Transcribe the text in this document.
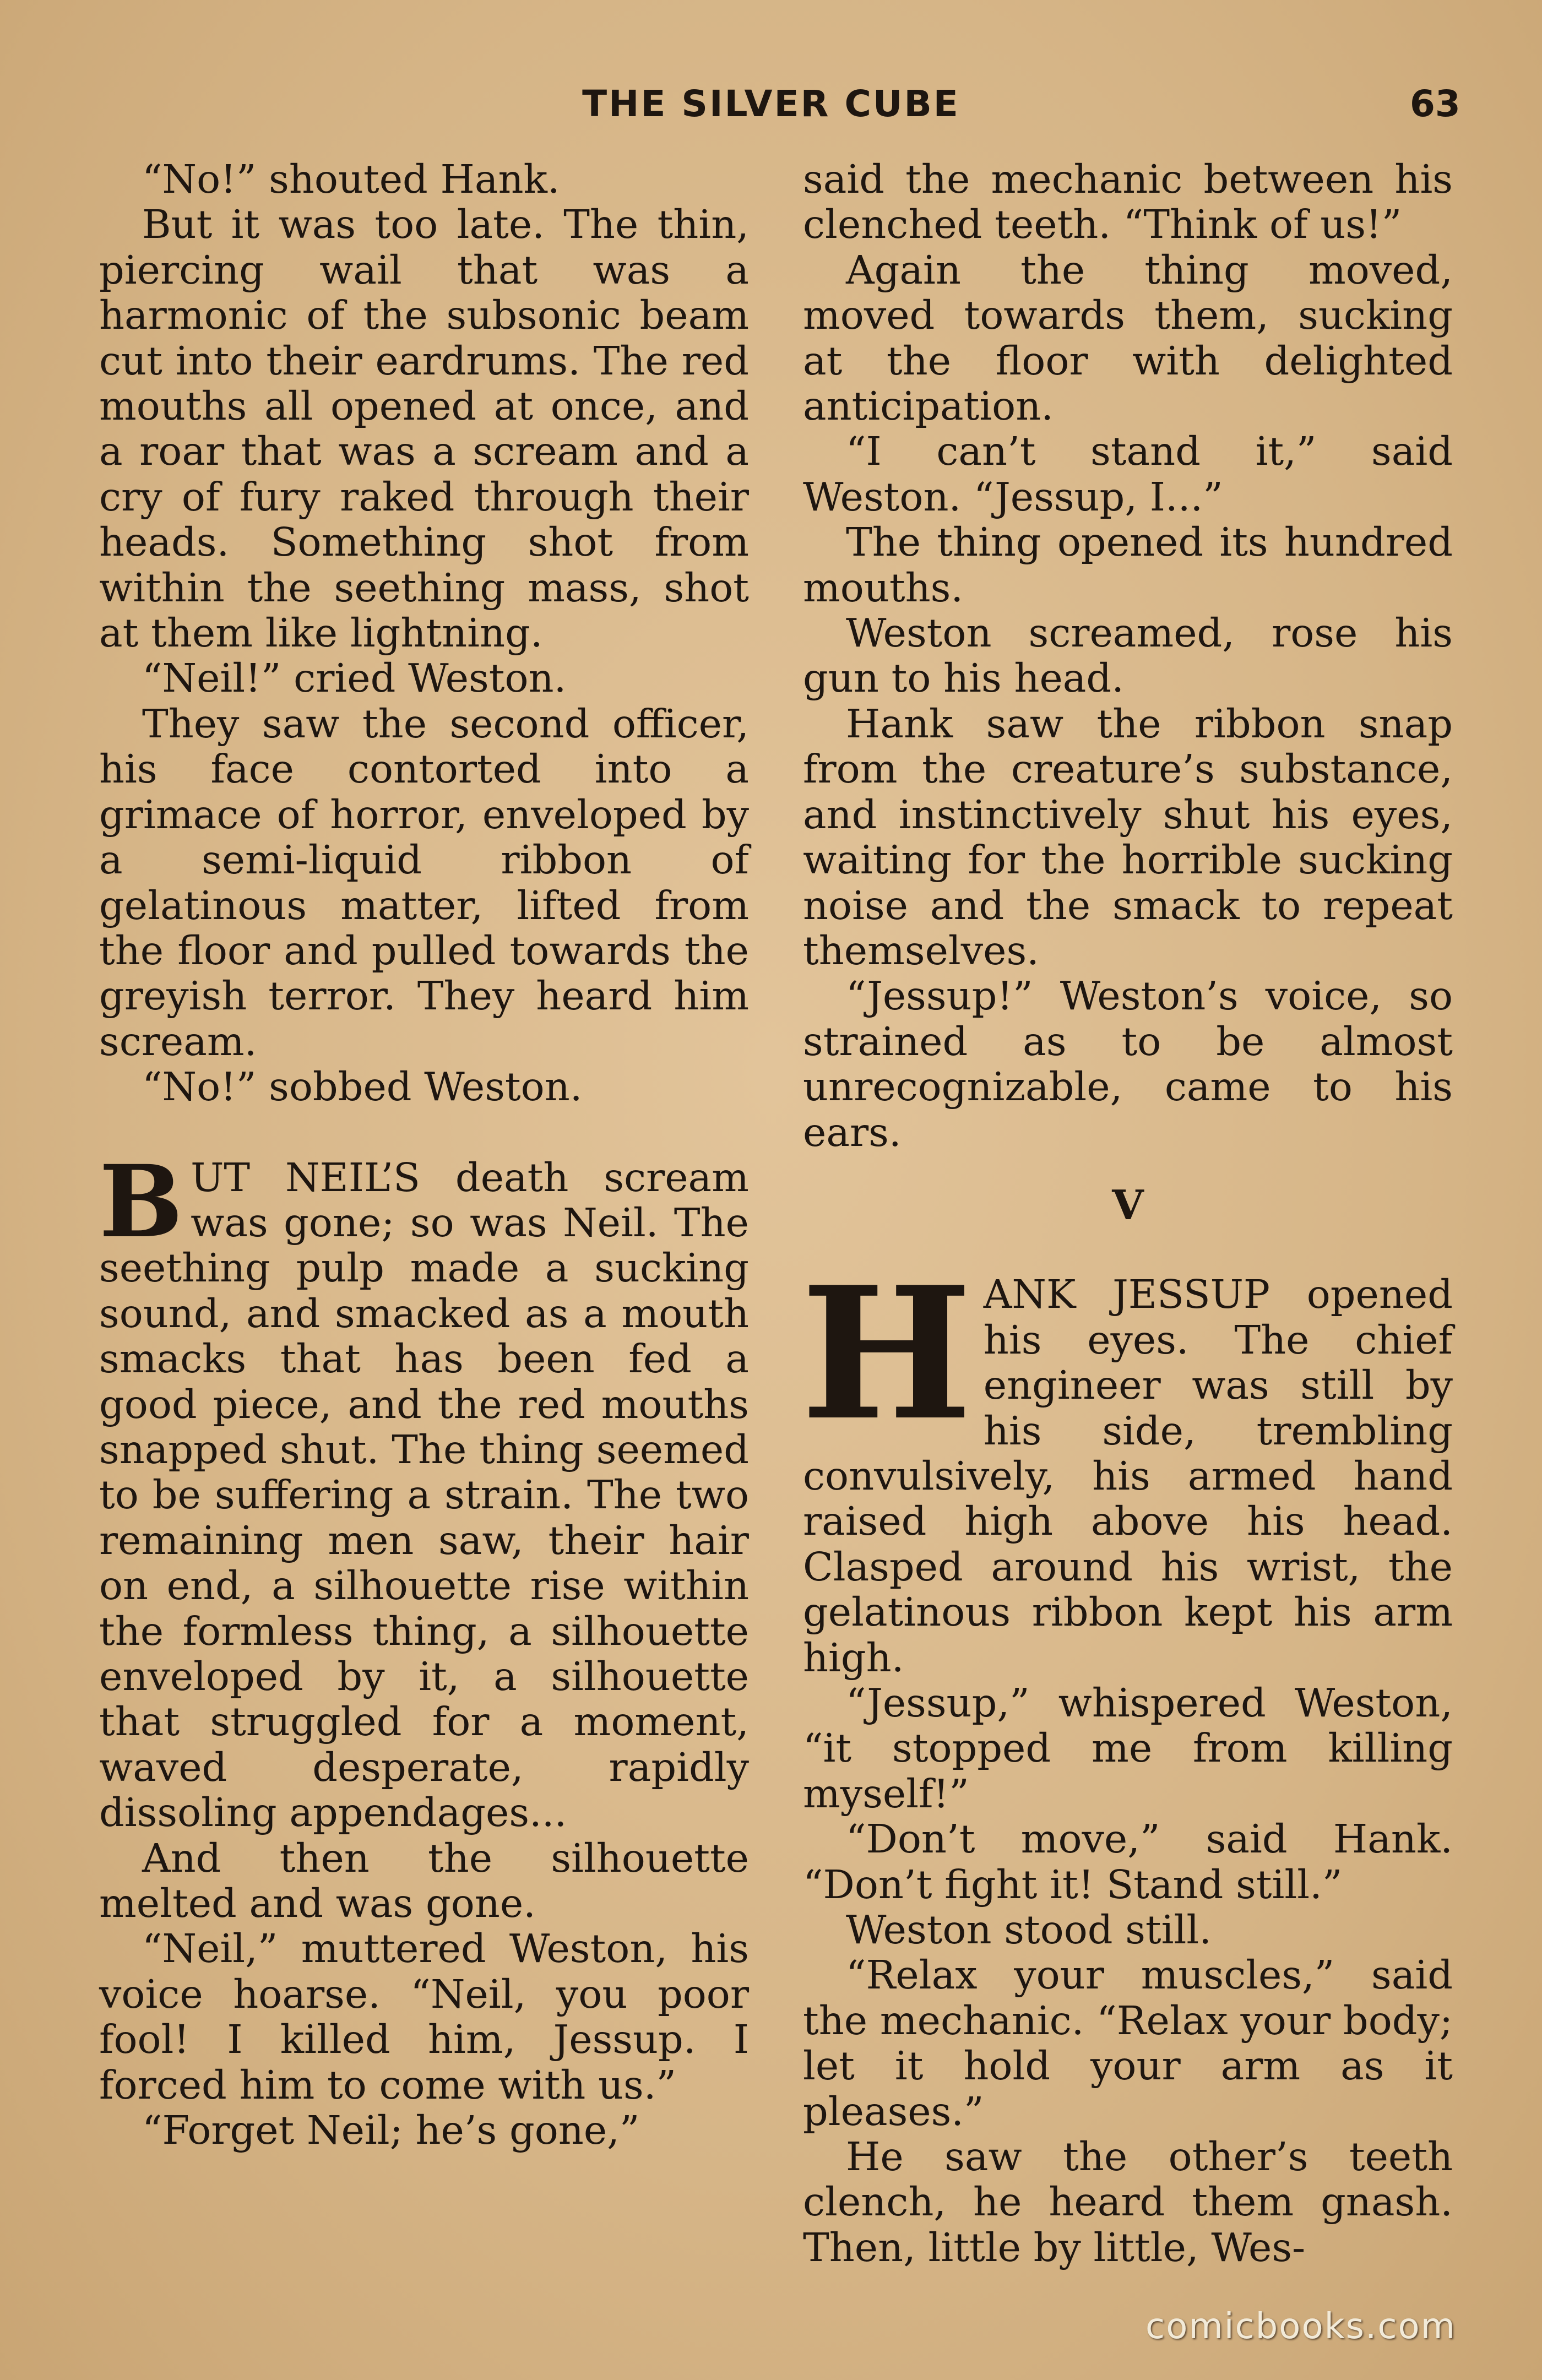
THE SILVER CUBE	63

“No!” shouted Hank.

But it was too late. The thin, piercing wail that was a harmonic of the subsonic beam cut into their eardrums. The red mouths all opened at once, and a roar that was a scream and a cry of fury raked through their heads. Something shot from within the seething mass, shot at them like lightning.

“Neil!” cried Weston.

They saw the second officer, his face contorted into a grimace of horror, enveloped by a semi-liquid ribbon of gelatinous matter, lifted from the floor and pulled towards the greyish terror. They heard him scream.

“No!” sobbed Weston.

BUT NEIL’S death scream was gone; so was Neil. The seething pulp made a sucking sound, and smacked as a mouth smacks that has been fed a good piece, and the red mouths snapped shut. The thing seemed to be suffering a strain. The two remaining men saw, their hair on end, a silhouette rise within the formless thing, a silhouette enveloped by it, a silhouette that struggled for a moment, waved desperate, rapidly dissoling appendages...

And then the silhouette melted and was gone.

“Neil,” muttered Weston, his voice hoarse. “Neil, you poor fool! I killed him, Jessup. I forced him to come with us.”

“Forget Neil; he’s gone,”

said the mechanic between his clenched teeth. “Think of us!”

Again the thing moved, moved towards them, sucking at the floor with delighted anticipation.

“I can’t stand it,” said Weston. “Jessup, I...”

The thing opened its hundred mouths.

Weston screamed, rose his gun to his head.

Hank saw the ribbon snap from the creature’s substance, and instinctively shut his eyes, waiting for the horrible sucking noise and the smack to repeat themselves.

“Jessup!” Weston’s voice, so strained as to be almost unrecognizable, came to his ears.

V

HANK JESSUP opened his eyes. The chief engineer was still by his side, trembling convulsively, his armed hand raised high above his head. Clasped around his wrist, the gelatinous ribbon kept his arm high.

“Jessup,” whispered Weston, “it stopped me from killing myself!”

“Don’t move,” said Hank. “Don’t fight it! Stand still.”

Weston stood still.

“Relax your muscles,” said the mechanic. “Relax your body; let it hold your arm as it pleases.”

He saw the other’s teeth clench, he heard them gnash. Then, little by little, Wes-

comicbooks.com
